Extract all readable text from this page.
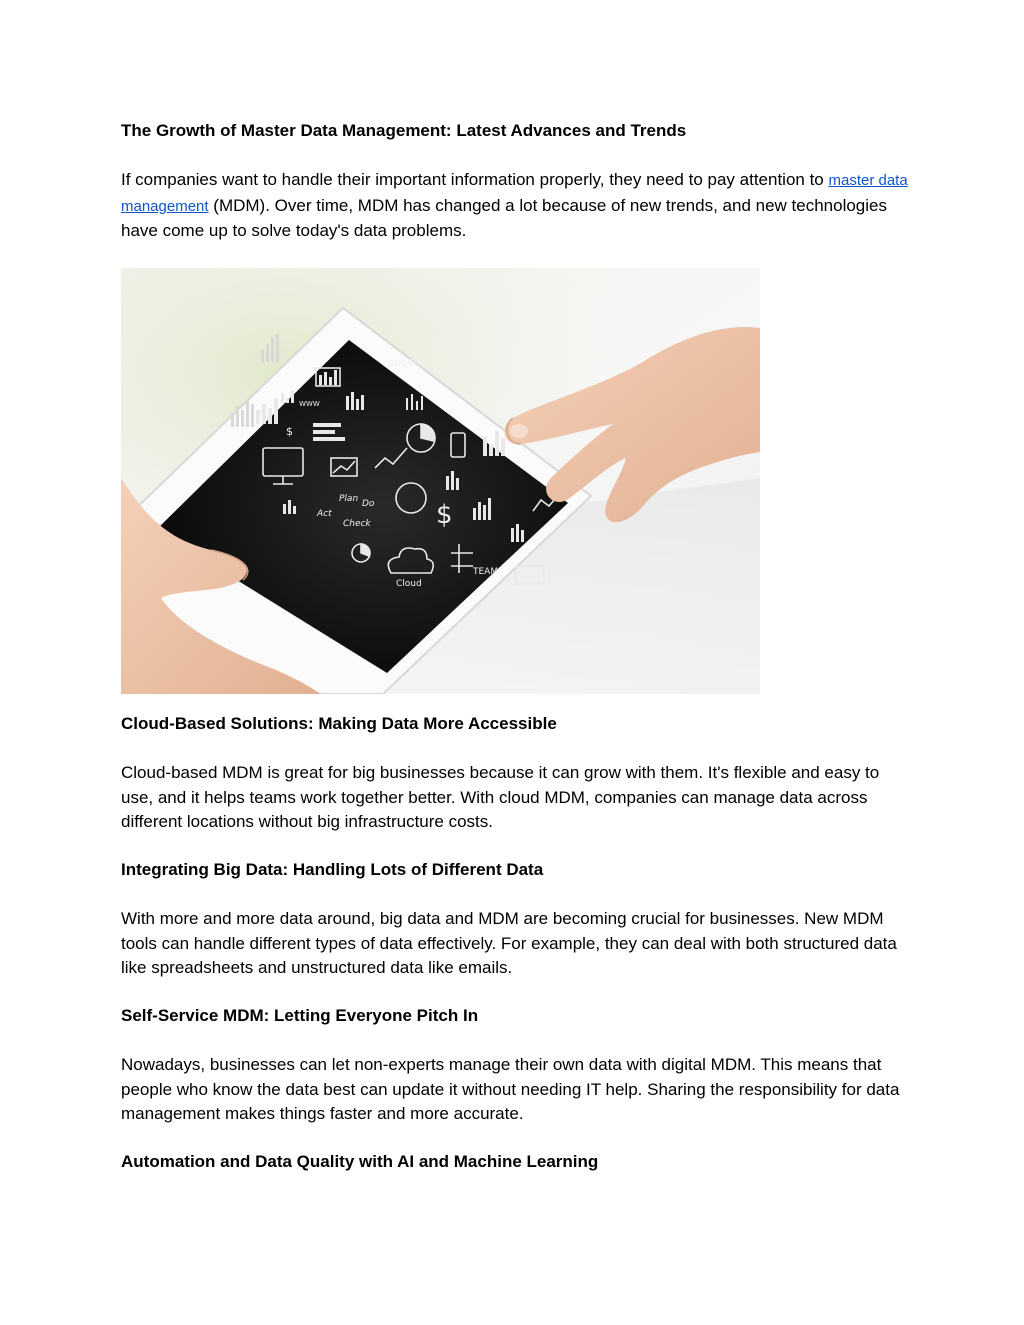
The Growth of Master Data Management: Latest Advances and Trends

If companies want to handle their important information properly, they need to pay attention to master data management (MDM). Over time, MDM has changed a lot because of new trends, and new technologies have come up to solve today's data problems.

SUCCESS
WWW
Plan Do
Act
Check
Cloud
TEAM
$
$
Cloud-Based Solutions: Making Data More Accessible

Cloud-based MDM is great for big businesses because it can grow with them. It's flexible and easy to use, and it helps teams work together better. With cloud MDM, companies can manage data across different locations without big infrastructure costs.

Integrating Big Data: Handling Lots of Different Data

With more and more data around, big data and MDM are becoming crucial for businesses. New MDM tools can handle different types of data effectively. For example, they can deal with both structured data like spreadsheets and unstructured data like emails.

Self-Service MDM: Letting Everyone Pitch In

Nowadays, businesses can let non-experts manage their own data with digital MDM. This means that people who know the data best can update it without needing IT help. Sharing the responsibility for data management makes things faster and more accurate.

Automation and Data Quality with AI and Machine Learning
